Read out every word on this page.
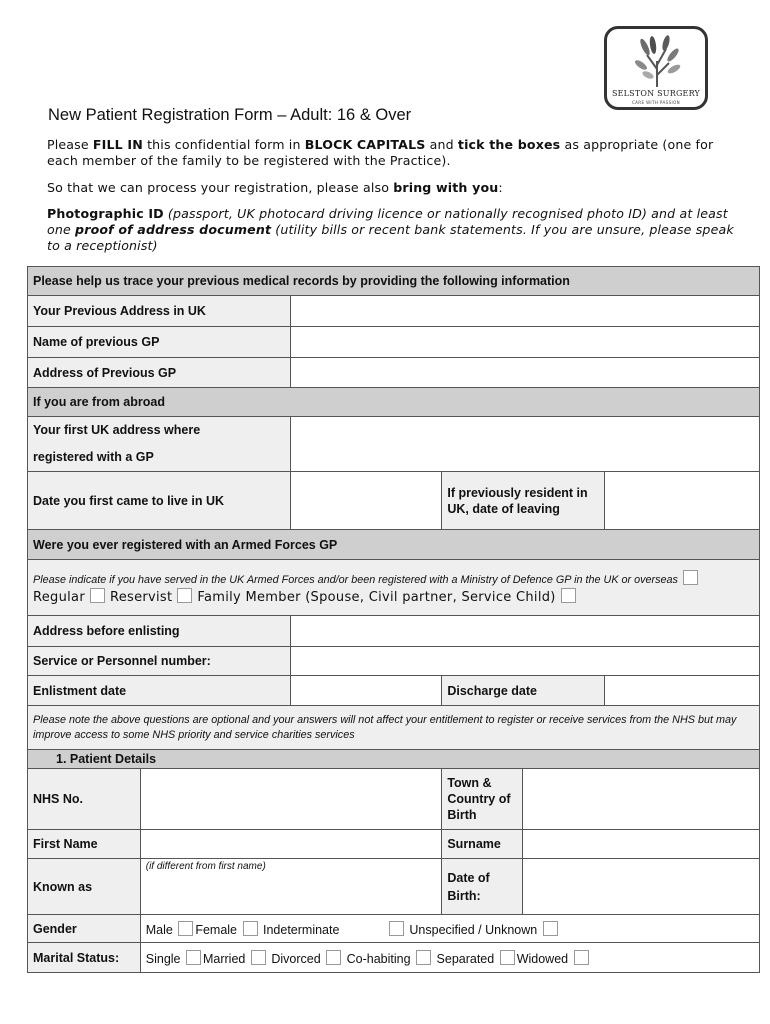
SELSTON SURGERY
CARE WITH PASSION
New Patient Registration Form – Adult: 16 & Over
Please FILL IN this confidential form in BLOCK CAPITALS and tick the boxes as appropriate (one for each member of the family to be registered with the Practice).
So that we can process your registration, please also bring with you:
Photographic ID (passport, UK photocard driving licence or nationally recognised photo ID) and at least one proof of address document (utility bills or recent bank statements. If you are unsure, please speak to a receptionist)
Please help us trace your previous medical records by providing the following information					
Your Previous Address in UK					
Name of previous GP					
Address of Previous GP					
If you are from abroad					
Your first UK address where
registered with a GP					
Date you first came to live in UK			If previously resident in UK, date of leaving		
Were you ever registered with an Armed Forces GP					
Please indicate if you have served in the UK Armed Forces and/or been registered with a Ministry of Defence GP in the UK or overseas  Regular Reservist Family Member (Spouse, Civil partner, Service Child)					
Address before enlisting					
Service or Personnel number:					
Enlistment date			Discharge date		
Please note the above questions are optional and your answers will not affect your entitlement to register or receive services from the NHS but may improve access to some NHS priority and service charities services					
1. Patient Details					
NHS No.			Town & Country of Birth		
First Name			Surname		
Known as	(if different from first name)		Date of Birth:		
Gender	Male Female Indeterminate Unspecified / Unknown				
Marital Status:	Single Married Divorced Co-habiting Separated Widowed				
